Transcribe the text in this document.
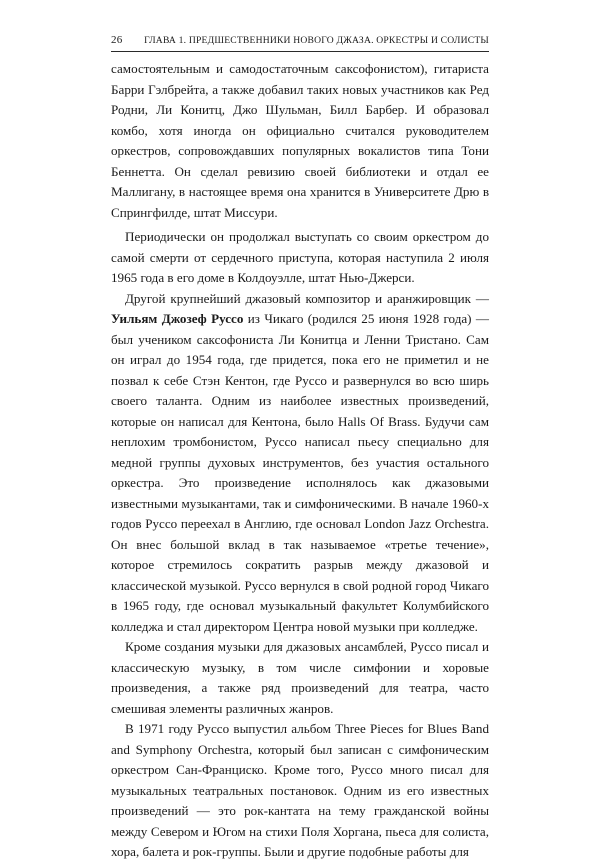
26	ГЛАВА 1. ПРЕДШЕСТВЕННИКИ НОВОГО ДЖАЗА. ОРКЕСТРЫ И СОЛИСТЫ

самостоятельным и самодостаточным саксофонистом), гитариста Барри Гэлбрейта, а также добавил таких новых участников как Ред Родни, Ли Конитц, Джо Шульман, Билл Барбер. И образовал комбо, хотя иногда он официально считался руководителем оркестров, сопровождавших популярных вокалистов типа Тони Беннетта. Он сделал ревизию своей библиотеки и отдал ее Маллигану, в настоящее время она хранится в Университете Дрю в Спрингфилде, штат Миссури.

Периодически он продолжал выступать со своим оркестром до самой смерти от сердечного приступа, которая наступила 2 июля 1965 года в его доме в Колдоуэлле, штат Нью-Джерси.

Другой крупнейший джазовый композитор и аранжировщик — Уильям Джозеф Руссо из Чикаго (родился 25 июня 1928 года) — был учеником саксофониста Ли Конитца и Ленни Тристано. Сам он играл до 1954 года, где придется, пока его не приметил и не позвал к себе Стэн Кентон, где Руссо и развернулся во всю ширь своего таланта. Одним из наиболее известных произведений, которые он написал для Кентона, было Halls Of Brass. Будучи сам неплохим тромбонистом, Руссо написал пьесу специально для медной группы духовых инструментов, без участия остального оркестра. Это произведение исполнялось как джазовыми известными музыкантами, так и симфоническими. В начале 1960-х годов Руссо переехал в Англию, где основал London Jazz Orchestra. Он внес большой вклад в так называемое «третье течение», которое стремилось сократить разрыв между джазовой и классической музыкой. Руссо вернулся в свой родной город Чикаго в 1965 году, где основал музыкальный факультет Колумбийского колледжа и стал директором Центра новой музыки при колледже.

Кроме создания музыки для джазовых ансамблей, Руссо писал и классическую музыку, в том числе симфонии и хоровые произведения, а также ряд произведений для театра, часто смешивая элементы различных жанров.

В 1971 году Руссо выпустил альбом Three Pieces for Blues Band and Symphony Orchestra, который был записан с симфоническим оркестром Сан-Франциско. Кроме того, Руссо много писал для музыкальных театральных постановок. Одним из его известных произведений — это рок-кантата на тему гражданской войны между Севером и Югом на стихи Поля Хоргана, пьеса для солиста, хора, балета и рок-группы. Были и другие подобные работы для
